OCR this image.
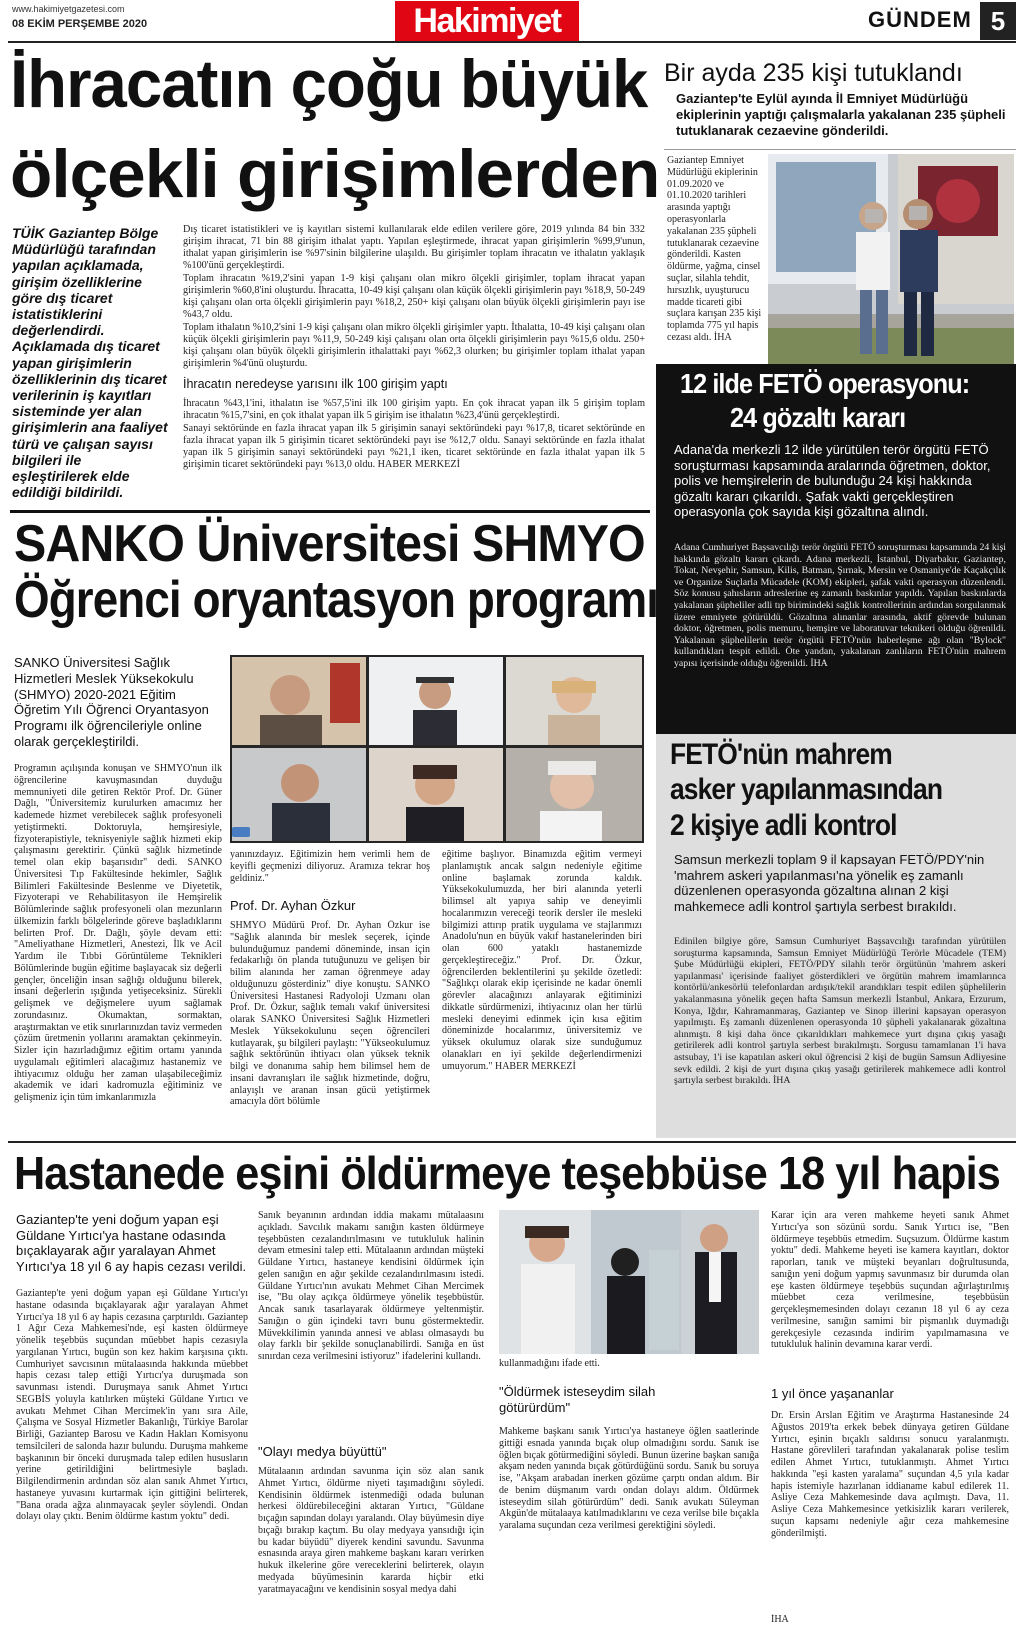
www.hakimiyetgazetesi.com
08 EKİM PERŞEMBE 2020	Hakimiyet	GÜNDEM 5
İhracatın çoğu büyük
ölçekli girişimlerden
TÜİK Gaziantep Bölge Müdürlüğü tarafından yapılan açıklamada, girişim özelliklerine göre dış ticaret istatistiklerini değerlendirdi. Açıklamada dış ticaret yapan girişimlerin özelliklerinin dış ticaret verilerinin iş kayıtları sisteminde yer alan girişimlerin ana faaliyet türü ve çalışan sayısı bilgileri ile eşleştirilerek elde edildiği bildirildi.

Dış ticaret istatistikleri ve iş kayıtları sistemi kullanılarak elde edilen verilere göre, 2019 yılında 84 bin 332 girişim ihracat, 71 bin 88 girişim ithalat yaptı. Yapılan eşleştirmede, ihracat yapan girişimlerin %99,9'unun, ithalat yapan girişimlerin ise %97'sinin bilgilerine ulaşıldı. Bu girişimler toplam ihracatın ve ithalatın yaklaşık %100'ünü gerçekleştirdi.

Toplam ihracatın %19,2'sini yapan 1-9 kişi çalışanı olan mikro ölçekli girişimler, toplam ihracat yapan girişimlerin %60,8'ini oluşturdu. İhracatta, 10-49 kişi çalışanı olan küçük ölçekli girişimlerin payı %18,9, 50-249 kişi çalışanı olan orta ölçekli girişimlerin payı %18,2, 250+ kişi çalışanı olan büyük ölçekli girişimlerin payı ise %43,7 oldu.

Toplam ithalatın %10,2'sini 1-9 kişi çalışanı olan mikro ölçekli girişimler yaptı. İthalatta, 10-49 kişi çalışanı olan küçük ölçekli girişimlerin payı %11,9, 50-249 kişi çalışanı olan orta ölçekli girişimlerin payı %15,6 oldu. 250+ kişi çalışanı olan büyük ölçekli girişimlerin ithalattaki payı %62,3 olurken; bu girişimler toplam ithalat yapan girişimlerin %4'ünü oluşturdu.

İhracatın neredeyse yarısını ilk 100 girişim yaptı

İhracatın %43,1'ini, ithalatın ise %57,5'ini ilk 100 girişim yaptı. En çok ihracat yapan ilk 5 girişim toplam ihracatın %15,7'sini, en çok ithalat yapan ilk 5 girişim ise ithalatın %23,4'ünü gerçekleştirdi.

Sanayi sektöründe en fazla ihracat yapan ilk 5 girişimin sanayi sektöründeki payı %17,8, ticaret sektöründe en fazla ihracat yapan ilk 5 girişimin ticaret sektöründeki payı ise %12,7 oldu. Sanayi sektöründe en fazla ithalat yapan ilk 5 girişimin sanayi sektöründeki payı %21,1 iken, ticaret sektöründe en fazla ithalat yapan ilk 5 girişimin ticaret sektöründeki payı %13,0 oldu. HABER MERKEZİ

Bir ayda 235 kişi tutuklandı
Gaziantep'te Eylül ayında İl Emniyet Müdürlüğü ekiplerinin yaptığı çalışmalarla yakalanan 235 şüpheli tutuklanarak cezaevine gönderildi.
Gaziantep Emniyet Müdürlüğü ekiplerinin 01.09.2020 ve 01.10.2020 tarihleri arasında yaptığı operasyonlarla yakalanan 235 şüpheli tutuklanarak cezaevine gönderildi. Kasten öldürme, yağma, cinsel suçlar, silahla tehdit, hırsızlık, uyuşturucu madde ticareti gibi suçlara karışan 235 kişi toplamda 775 yıl hapis cezası aldı. İHA
12 ilde FETÖ operasyonu:
24 gözaltı kararı
Adana'da merkezli 12 ilde yürütülen terör örgütü FETÖ soruşturması kapsamında aralarında öğretmen, doktor, polis ve hemşirelerin de bulunduğu 24 kişi hakkında gözaltı kararı çıkarıldı. Şafak vakti gerçekleştiren operasyonla çok sayıda kişi gözaltına alındı.
Adana Cumhuriyet Başsavcılığı terör örgütü FETÖ soruşturması kapsamında 24 kişi hakkında gözaltı kararı çıkardı. Adana merkezli, İstanbul, Diyarbakır, Gaziantep, Tokat, Nevşehir, Samsun, Kilis, Batman, Şırnak, Mersin ve Osmaniye'de Kaçakçılık ve Organize Suçlarla Mücadele (KOM) ekipleri, şafak vakti operasyon düzenlendi. Söz konusu şahısların adreslerine eş zamanlı baskınlar yapıldı. Yapılan baskınlarda yakalanan şüpheliler adli tıp birimindeki sağlık kontrollerinin ardından sorgulanmak üzere emniyete götürüldü. Gözaltına alınanlar arasında, aktif görevde bulunan doktor, öğretmen, polis memuru, hemşire ve laboratuvar teknikeri olduğu öğrenildi. Yakalanan şüphelilerin terör örgütü FETÖ'nün haberleşme ağı olan "Bylock" kullandıkları tespit edildi. Öte yandan, yakalanan zanlıların FETÖ'nün mahrem yapısı içerisinde olduğu öğrenildi. İHA
FETÖ'nün mahrem
asker yapılanmasından
2 kişiye adli kontrol
Samsun merkezli toplam 9 il kapsayan FETÖ/PDY'nin 'mahrem askeri yapılanması'na yönelik eş zamanlı düzenlenen operasyonda gözaltına alınan 2 kişi mahkemece adli kontrol şartıyla serbest bırakıldı.
Edinilen bilgiye göre, Samsun Cumhuriyet Başsavcılığı tarafından yürütülen soruşturma kapsamında, Samsun Emniyet Müdürlüğü Terörle Mücadele (TEM) Şube Müdürlüğü ekipleri, FETÖ/PDY silahlı terör örgütünün 'mahrem askeri yapılanması' içerisinde faaliyet gösterdikleri ve örgütün mahrem imamlarınca kontörlü/ankesörlü telefonlardan ardışık/tekil arandıkları tespit edilen şüphelilerin yakalanmasına yönelik geçen hafta Samsun merkezli İstanbul, Ankara, Erzurum, Konya, Iğdır, Kahramanmaraş, Gaziantep ve Sinop illerini kapsayan operasyon yapılmıştı. Eş zamanlı düzenlenen operasyonda 10 şüpheli yakalanarak gözaltına alınmıştı. 8 kişi daha önce çıkarıldıkları mahkemece yurt dışına çıkış yasağı getirilerek adli kontrol şartıyla serbest bırakılmıştı. Sorgusu tamamlanan 1'i hava astsubay, 1'i ise kapatılan askeri okul öğrencisi 2 kişi de bugün Samsun Adliyesine sevk edildi. 2 kişi de yurt dışına çıkış yasağı getirilerek mahkemece adli kontrol şartıyla serbest bırakıldı. İHA
SANKO Üniversitesi SHMYO
Öğrenci oryantasyon programı
SANKO Üniversitesi Sağlık Hizmetleri Meslek Yüksekokulu (SHMYO) 2020-2021 Eğitim Öğretim Yılı Öğrenci Oryantasyon Programı ilk öğrencileriyle online olarak gerçekleştirildi.
Programın açılışında konuşan ve SHMYO'nun ilk öğrencilerine kavuşmasından duyduğu memnuniyeti dile getiren Rektör Prof. Dr. Güner Dağlı, "Üniversitemiz kurulurken amacımız her kademede hizmet verebilecek sağlık profesyoneli yetiştirmekti. Doktoruyla, hemşiresiyle, fizyoterapistiyle, teknisyeniyle sağlık hizmeti ekip çalışmasını gerektirir. Çünkü sağlık hizmetinde temel olan ekip başarısıdır" dedi. SANKO Üniversitesi Tıp Fakültesinde hekimler, Sağlık Bilimleri Fakültesinde Beslenme ve Diyetetik, Fizyoterapi ve Rehabilitasyon ile Hemşirelik Bölümlerinde sağlık profesyoneli olan mezunların ülkemizin farklı bölgelerinde göreve başladıklarını belirten Prof. Dr. Dağlı, şöyle devam etti: "Ameliyathane Hizmetleri, Anestezi, İlk ve Acil Yardım ile Tıbbi Görüntüleme Teknikleri Bölümlerinde bugün eğitime başlayacak siz değerli gençler, önceliğin insan sağlığı olduğunu bilerek, insani değerlerin ışığında yetişeceksiniz. Sürekli gelişmek ve değişmelere uyum sağlamak zorundasınız. Okumaktan, sormaktan, araştırmaktan ve etik sınırlarınızdan taviz vermeden çözüm üretmenin yollarını aramaktan çekinmeyin. Sizler için hazırladığımız eğitim ortamı yanında uygulamalı eğitimleri alacağımız hastanemiz ve ihtiyacımız olduğu her zaman ulaşabileceğimiz akademik ve idari kadromuzla eğitiminiz ve gelişmeniz için tüm imkanlarımızla
yanınızdayız. Eğitimizin hem verimli hem de keyifli geçmenizi diliyoruz. Aramıza tekrar hoş geldiniz."
Prof. Dr. Ayhan Özkur
SHMYO Müdürü Prof. Dr. Ayhan Özkur ise "Sağlık alanında bir meslek seçerek, içinde bulunduğumuz pandemi döneminde, insan için fedakarlığı ön planda tutuğunuzu ve gelişen bir bilim alanında her zaman öğrenmeye aday olduğunuzu gösterdiniz" diye konuştu. SANKO Üniversitesi Hastanesi Radyoloji Uzmanı olan Prof. Dr. Özkur, sağlık temalı vakıf üniversitesi olarak SANKO Üniversitesi Sağlık Hizmetleri Meslek Yüksekokulunu seçen öğrencileri kutlayarak, şu bilgileri paylaştı: "Yükseokulumuz sağlık sektörünün ihtiyacı olan yüksek teknik bilgi ve donanıma sahip hem bilimsel hem de insani davranışları ile sağlık hizmetinde, doğru, anlayışlı ve aranan insan gücü yetiştirmek amacıyla dört bölümle
eğitime başlıyor. Binamızda eğitim vermeyi planlamıştık ancak salgın nedeniyle eğitime online başlamak zorunda kaldık. Yüksekokulumuzda, her biri alanında yeterli bilimsel alt yapıya sahip ve deneyimli hocalarımızın vereceği teorik dersler ile mesleki bilgimizi attırıp pratik uygulama ve stajlarımızı Anadolu'nun en büyük vakıf hastanelerinden biri olan 600 yataklı hastanemizde gerçekleştireceğiz." Prof. Dr. Özkur, öğrencilerden beklentilerini şu şekilde özetledi: "Sağlıkçı olarak ekip içerisinde ne kadar önemli görevler alacağınızı anlayarak eğitiminizi dikkatle sürdürmenizi, ihtiyacınız olan her türlü mesleki deneyimi edinmek için kısa eğitim döneminizde hocalarımız, üniversitemiz ve yüksek okulumuz olarak size sunduğumuz olanakları en iyi şekilde değerlendirmenizi umuyorum." HABER MERKEZİ
Hastanede eşini öldürmeye teşebbüse 18 yıl hapis
Gaziantep'te yeni doğum yapan eşi Güldane Yırtıcı'ya hastane odasında bıçaklayarak ağır yaralayan Ahmet Yırtıcı'ya 18 yıl 6 ay hapis cezası verildi.
Gaziantep'te yeni doğum yapan eşi Güldane Yırtıcı'yı hastane odasında bıçaklayarak ağır yaralayan Ahmet Yırtıcı'ya 18 yıl 6 ay hapis cezasına çarptırıldı. Gaziantep 1 Ağır Ceza Mahkemesi'nde, eşi kasten öldürmeye yönelik teşebbüs suçundan müebbet hapis cezasıyla yargılanan Yırtıcı, bugün son kez hakim karşısına çıktı. Cumhuriyet savcısının mütalaasında hakkında müebbet hapis cezası talep ettiği Yırtıcı'ya duruşmada son savunması istendi. Duruşmaya sanık Ahmet Yırtıcı SEGBİS yoluyla katılırken müşteki Güldane Yırtıcı ve avukatı Mehmet Cihan Mercimek'in yanı sıra Aile, Çalışma ve Sosyal Hizmetler Bakanlığı, Türkiye Barolar Birliği, Gaziantep Barosu ve Kadın Hakları Komisyonu temsilcileri de salonda hazır bulundu. Duruşma mahkeme başkanının bir önceki duruşmada talep edilen hususların yerine getirildiğini belirtmesiyle başladı. Bilgilendirmenin ardından söz alan sanık Ahmet Yırtıcı, hastaneye yuvasını kurtarmak için gittiğini belirterek, "Bana orada ağza alınmayacak şeyler söylendi. Ondan dolayı olay çıktı. Benim öldürme kastım yoktu" dedi.
Sanık beyanının ardından iddia makamı mütalaasını açıkladı. Savcılık makamı sanığın kasten öldürmeye teşebbüsten cezalandırılmasını ve tutukluluk halinin devam etmesini talep etti. Mütalaanın ardından müşteki Güldane Yırtıcı, hastaneye kendisini öldürmek için gelen sanığın en ağır şekilde cezalandırılmasını istedi. Güldane Yırtıcı'nın avukatı Mehmet Cihan Mercimek ise, "Bu olay açıkça öldürmeye yönelik teşebbüstür. Ancak sanık tasarlayarak öldürmeye yeltenmiştir. Sanığın o gün içindeki tavrı bunu göstermektedir. Müvekkilimin yanında annesi ve ablası olmasaydı bu olay farklı bir şekilde sonuçlanabilirdi. Sanığa en üst sınırdan ceza verilmesini istiyoruz" ifadelerini kullandı.
"Olayı medya büyüttü"
Mütalaanın ardından savunma için söz alan sanık Ahmet Yırtıcı, öldürme niyeti taşımadığını söyledi. Kendisinin öldürmek istenmediği odada bulunan herkesi öldürebileceğini aktaran Yırtıcı, "Güldane bıçağın sapından dolayı yaralandı. Olay büyümesin diye bıçağı bırakıp kaçtım. Bu olay medyaya yansıdığı için bu kadar büyüdü" diyerek kendini savundu. Savunma esnasında araya giren mahkeme başkanı kararı verirken hukuk ilkelerine göre vereceklerini belirterek, olayın medyada büyümesinin kararda hiçbir etki yaratmayacağını ve kendisinin sosyal medya dahi
kullanmadığını ifade etti.
"Öldürmek isteseydim silah götürürdüm"
Mahkeme başkanı sanık Yırtıcı'ya hastaneye öğlen saatlerinde gittiği esnada yanında bıçak olup olmadığını sordu. Sanık ise öğlen bıçak götürmediğini söyledi. Bunun üzerine başkan sanığa akşam neden yanında bıçak götürdüğünü sordu. Sanık bu soruya ise, "Akşam arabadan inerken gözüme çarptı ondan aldım. Bir de benim düşmanım vardı ondan dolayı aldım. Öldürmek isteseydim silah götürürdüm" dedi. Sanık avukatı Süleyman Akgün'de mütalaaya katılmadıklarını ve ceza verilse bile bıçakla yaralama suçundan ceza verilmesi gerektiğini söyledi.
Karar için ara veren mahkeme heyeti sanık Ahmet Yırtıcı'ya son sözünü sordu. Sanık Yırtıcı ise, "Ben öldürmeye teşebbüs etmedim. Suçsuzum. Öldürme kastım yoktu" dedi. Mahkeme heyeti ise kamera kayıtları, doktor raporları, tanık ve müşteki beyanları doğrultusunda, sanığın yeni doğum yapmış savunmasız bir durumda olan eşe kasten öldürmeye teşebbüs suçundan ağırlaştırılmış müebbet ceza verilmesine, teşebbüsün gerçekleşmemesinden dolayı cezanın 18 yıl 6 ay ceza verilmesine, sanığın samimi bir pişmanlık duymadığı gerekçesiyle cezasında indirim yapılmamasına ve tutukluluk halinin devamına karar verdi.
1 yıl önce yaşananlar
Dr. Ersin Arslan Eğitim ve Araştırma Hastanesinde 24 Ağustos 2019'ta erkek bebek dünyaya getiren Güldane Yırtıcı, eşinin bıçaklı saldırısı sonucu yaralanmıştı. Hastane görevlileri tarafından yakalanarak polise teslim edilen Ahmet Yırtıcı, tutuklanmıştı. Ahmet Yırtıcı hakkında "eşi kasten yaralama" suçundan 4,5 yıla kadar hapis istemiyle hazırlanan iddianame kabul edilerek 11. Asliye Ceza Mahkemesinde dava açılmıştı. Dava, 11. Asliye Ceza Mahkemesince yetkisizlik kararı verilerek, suçun kapsamı nedeniyle ağır ceza mahkemesine gönderilmişti.
İHA
